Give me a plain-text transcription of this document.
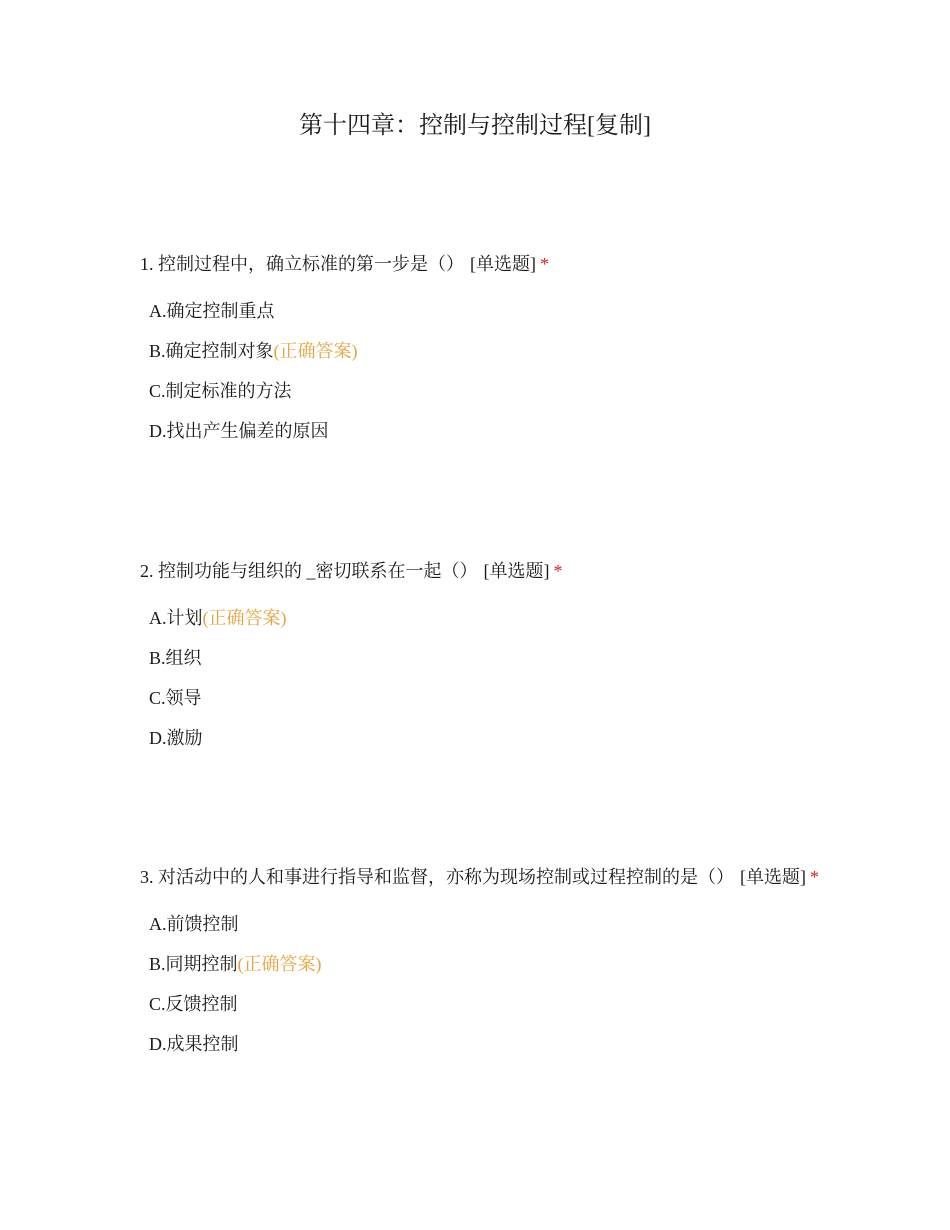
第十四章：控制与控制过程[复制]
1. 控制过程中，确立标准的第一步是（） [单选题] *
A.确定控制重点
B.确定控制对象(正确答案)
C.制定标准的方法
D.找出产生偏差的原因
2. 控制功能与组织的 _密切联系在一起（） [单选题] *
A.计划(正确答案)
B.组织
C.领导
D.激励
3. 对活动中的人和事进行指导和监督，亦称为现场控制或过程控制的是（） [单选题] *
A.前馈控制
B.同期控制(正确答案)
C.反馈控制
D.成果控制
